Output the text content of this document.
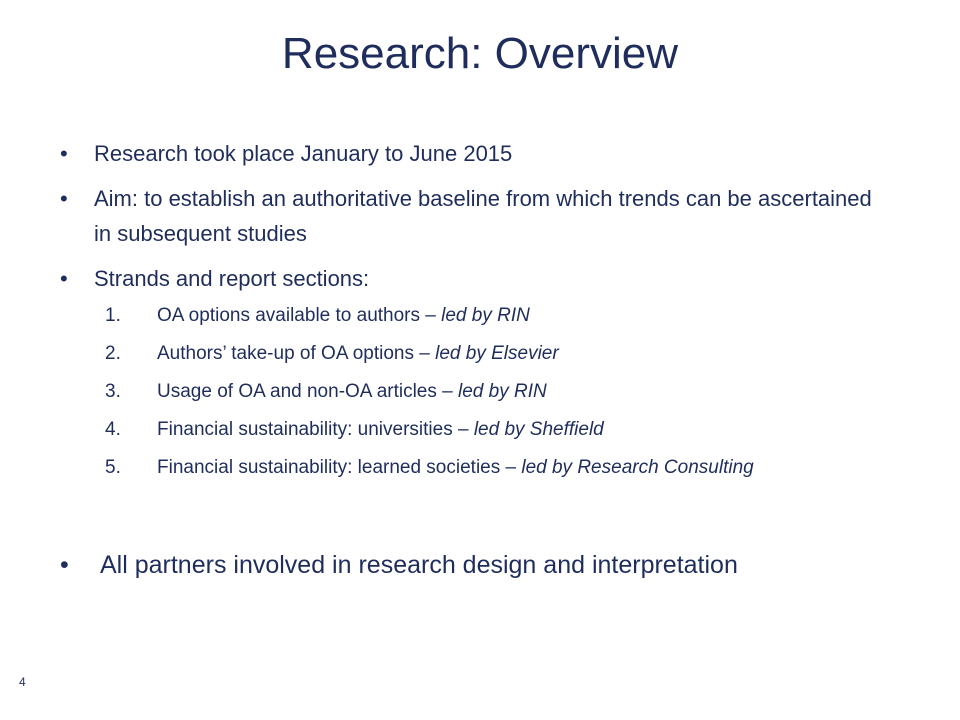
Research: Overview
• Research took place January to June 2015
• Aim: to establish an authoritative baseline from which trends can be ascertained in subsequent studies
• Strands and report sections:
1. OA options available to authors – led by RIN
2. Authors’ take-up of OA options – led by Elsevier
3. Usage of OA and non-OA articles – led by RIN
4. Financial sustainability: universities – led by Sheffield
5. Financial sustainability: learned societies – led by Research Consulting
• All partners involved in research design and interpretation
4
